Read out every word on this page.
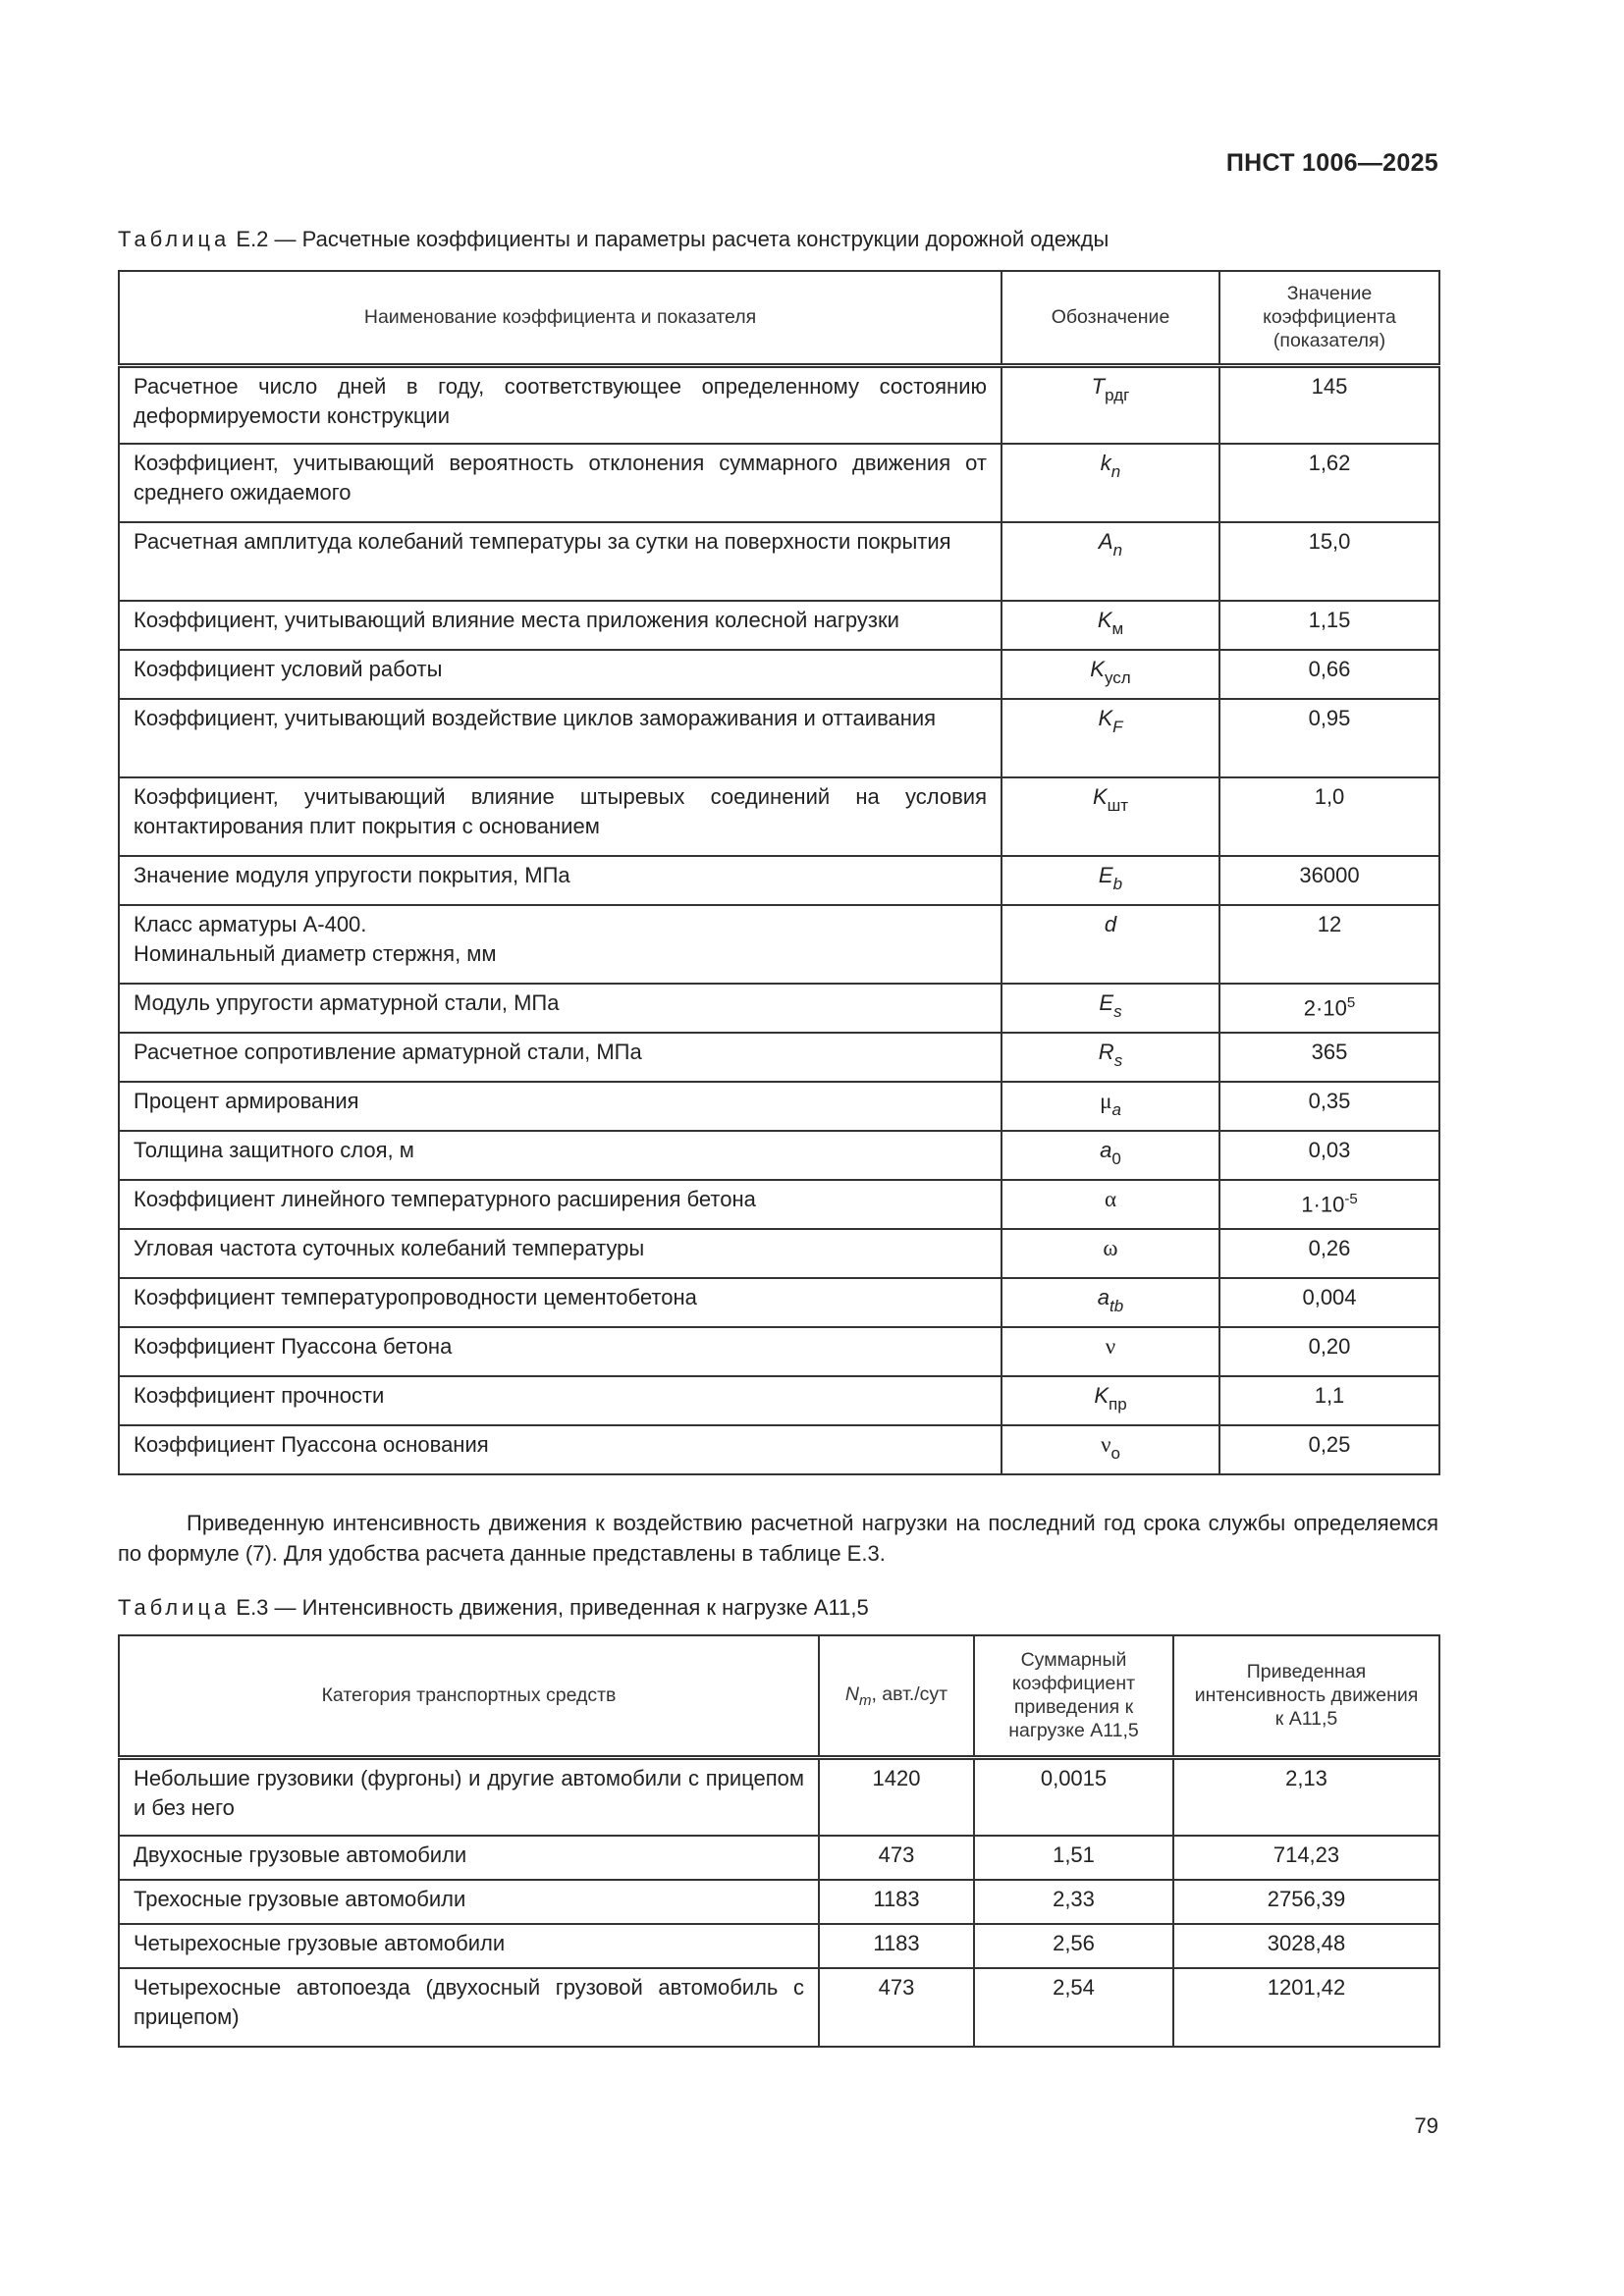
ПНСТ 1006—2025
Таблица Е.2 — Расчетные коэффициенты и параметры расчета конструкции дорожной одежды
Наименование коэффициента и показателя	Обозначение	Значение коэффициента (показателя)
Расчетное число дней в году, соответствующее определенному состоянию деформируемости конструкции	$T_{рдг}$	145
Коэффициент, учитывающий вероятность отклонения суммарного движения от среднего ожидаемого	$k_n$	1,62
Расчетная амплитуда колебаний температуры за сутки на поверхности покрытия	$A_n$	15,0
Коэффициент, учитывающий влияние места приложения колесной нагрузки	$K_м$	1,15
Коэффициент условий работы	$K_{усл}$	0,66
Коэффициент, учитывающий воздействие циклов замораживания и оттаивания	$K_F$	0,95
Коэффициент, учитывающий влияние штыревых соединений на условия контактирования плит покрытия с основанием	$K_{шт}$	1,0
Значение модуля упругости покрытия, МПа	$E_b$	36000
Класс арматуры А-400.
Номинальный диаметр стержня, мм	d	12
Модуль упругости арматурной стали, МПа	$E_s$	$2\cdot 10^5$
Расчетное сопротивление арматурной стали, МПа	$R_s$	365
Процент армирования	$\mu_a$	0,35
Толщина защитного слоя, м	$a_0$	0,03
Коэффициент линейного температурного расширения бетона	α	$1\cdot 10^{-5}$
Угловая частота суточных колебаний температуры	ω	0,26
Коэффициент температуропроводности цементобетона	$a_{tb}$	0,004
Коэффициент Пуассона бетона	ν	0,20
Коэффициент прочности	$K_{пр}$	1,1
Коэффициент Пуассона основания	$\nu_о$	0,25
Приведенную интенсивность движения к воздействию расчетной нагрузки на последний год срока службы определяемся по формуле (7). Для удобства расчета данные представлены в таблице Е.3.
Таблица Е.3 — Интенсивность движения, приведенная к нагрузке А11,5
Категория транспортных средств	$N_m$, авт./сут	Суммарный коэффициент приведения к нагрузке А11,5	Приведенная интенсивность движения к А11,5
Небольшие грузовики (фургоны) и другие автомобили с прицепом и без него	1420	0,0015	2,13
Двухосные грузовые автомобили	473	1,51	714,23
Трехосные грузовые автомобили	1183	2,33	2756,39
Четырехосные грузовые автомобили	1183	2,56	3028,48
Четырехосные автопоезда (двухосный грузовой автомобиль с прицепом)	473	2,54	1201,42
79
